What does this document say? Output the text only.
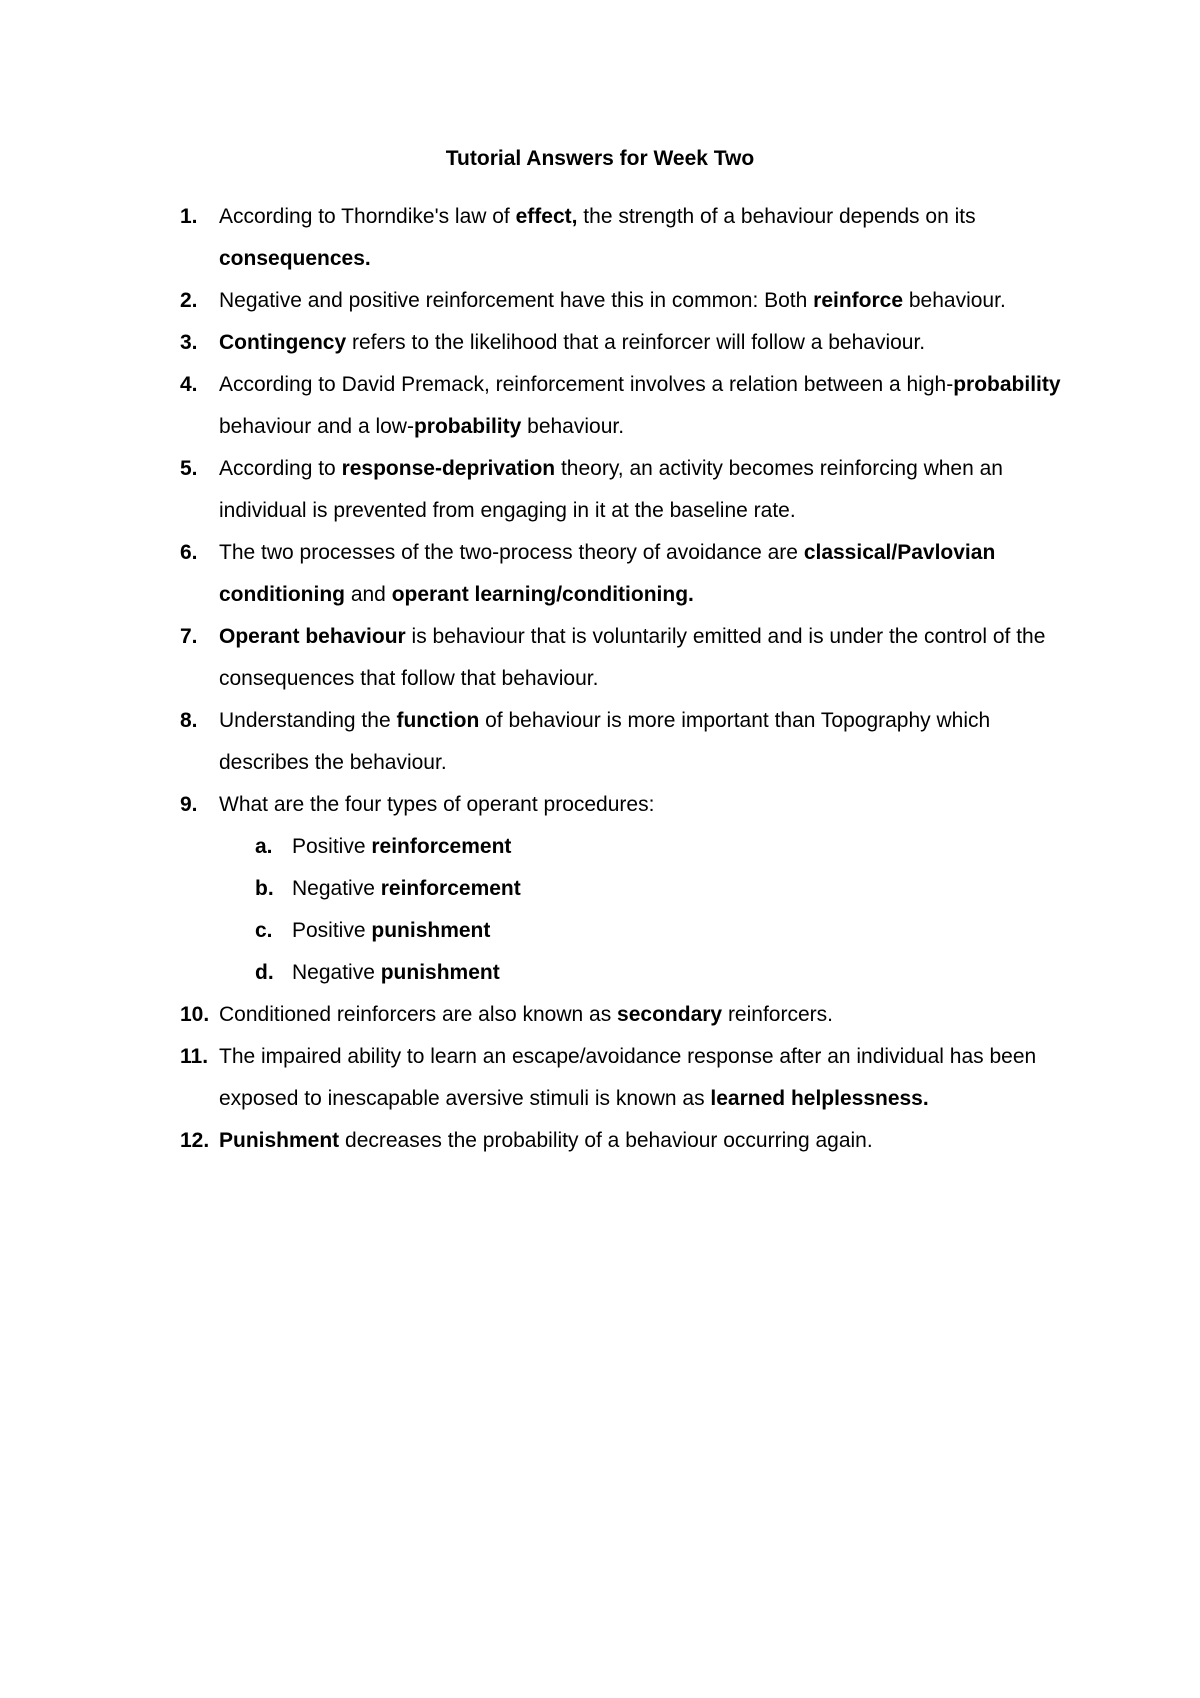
Tutorial Answers for Week Two
1. According to Thorndike's law of effect, the strength of a behaviour depends on its consequences.
2. Negative and positive reinforcement have this in common: Both reinforce behaviour.
3. Contingency refers to the likelihood that a reinforcer will follow a behaviour.
4. According to David Premack, reinforcement involves a relation between a high-probability behaviour and a low-probability behaviour.
5. According to response-deprivation theory, an activity becomes reinforcing when an individual is prevented from engaging in it at the baseline rate.
6. The two processes of the two-process theory of avoidance are classical/Pavlovian conditioning and operant learning/conditioning.
7. Operant behaviour is behaviour that is voluntarily emitted and is under the control of the consequences that follow that behaviour.
8. Understanding the function of behaviour is more important than Topography which describes the behaviour.
9. What are the four types of operant procedures:
a. Positive reinforcement
b. Negative reinforcement
c. Positive punishment
d. Negative punishment
10. Conditioned reinforcers are also known as secondary reinforcers.
11. The impaired ability to learn an escape/avoidance response after an individual has been exposed to inescapable aversive stimuli is known as learned helplessness.
12. Punishment decreases the probability of a behaviour occurring again.
